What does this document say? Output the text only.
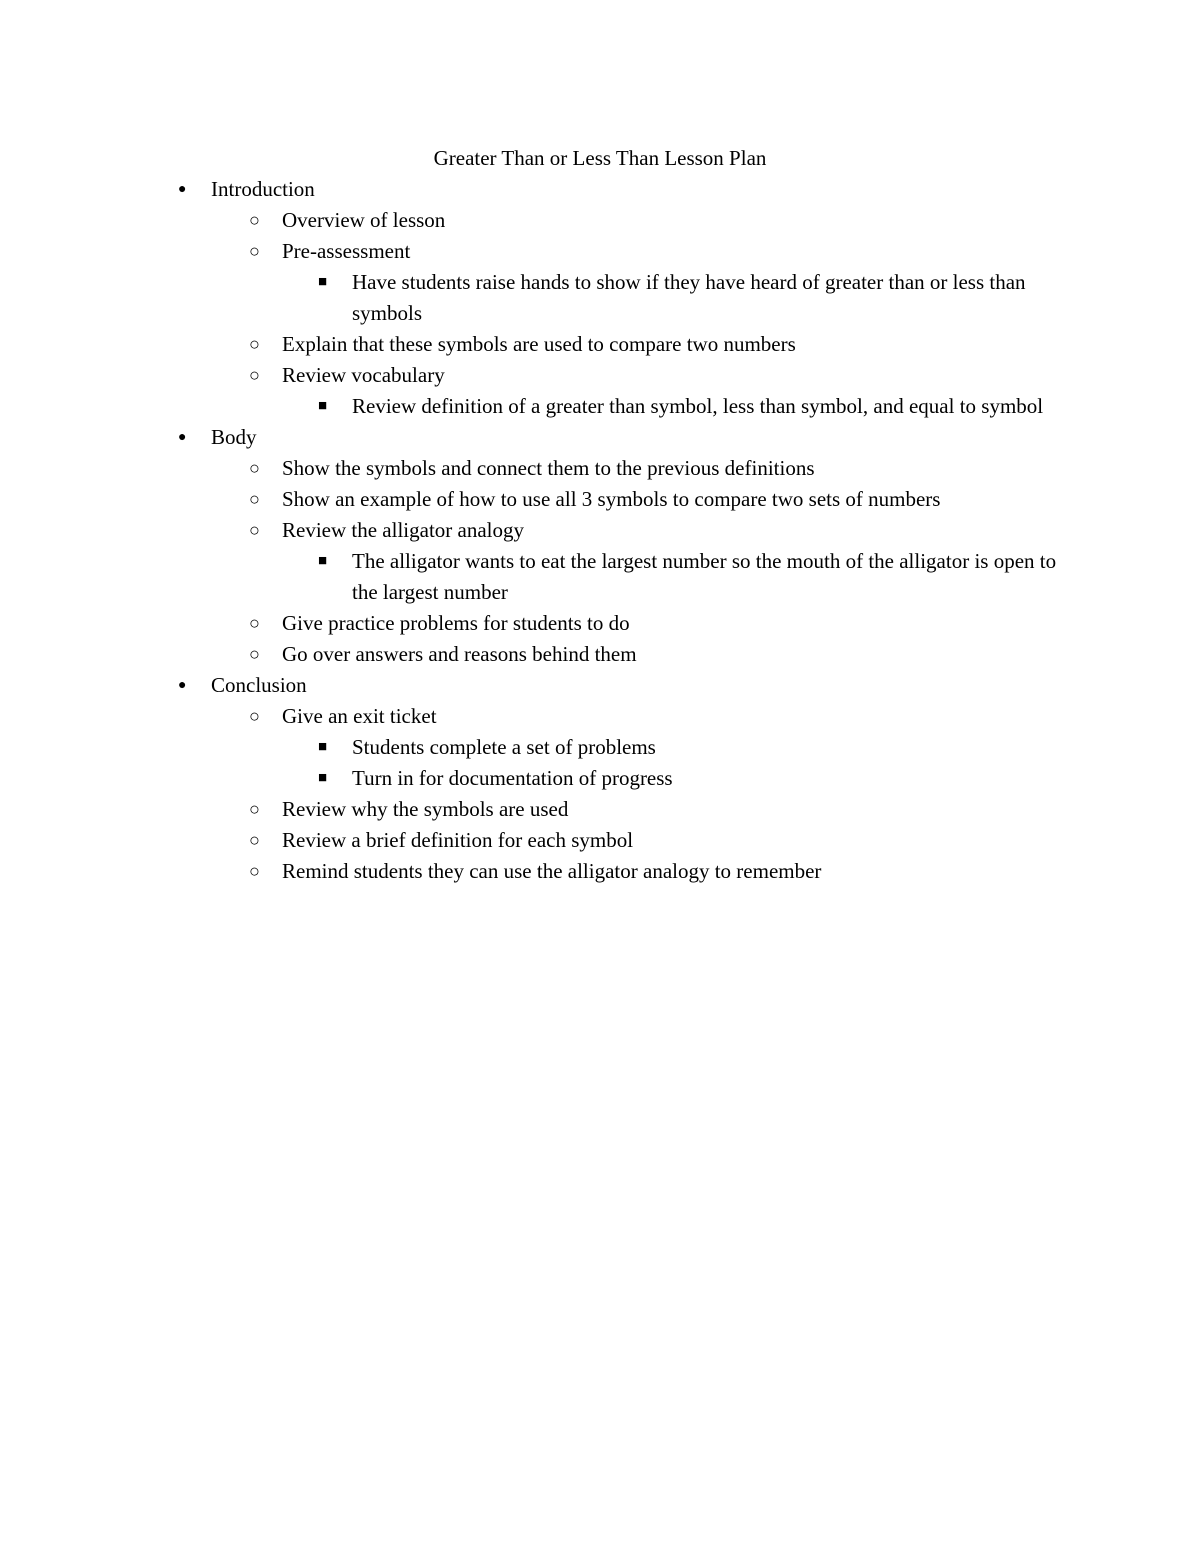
Greater Than or Less Than Lesson Plan
● Introduction
○ Overview of lesson
○ Pre-assessment
■ Have students raise hands to show if they have heard of greater than or less than symbols
○ Explain that these symbols are used to compare two numbers
○ Review vocabulary
■ Review definition of a greater than symbol, less than symbol, and equal to symbol
● Body
○ Show the symbols and connect them to the previous definitions
○ Show an example of how to use all 3 symbols to compare two sets of numbers
○ Review the alligator analogy
■ The alligator wants to eat the largest number so the mouth of the alligator is open to the largest number
○ Give practice problems for students to do
○ Go over answers and reasons behind them
● Conclusion
○ Give an exit ticket
■ Students complete a set of problems
■ Turn in for documentation of progress
○ Review why the symbols are used
○ Review a brief definition for each symbol
○ Remind students they can use the alligator analogy to remember
